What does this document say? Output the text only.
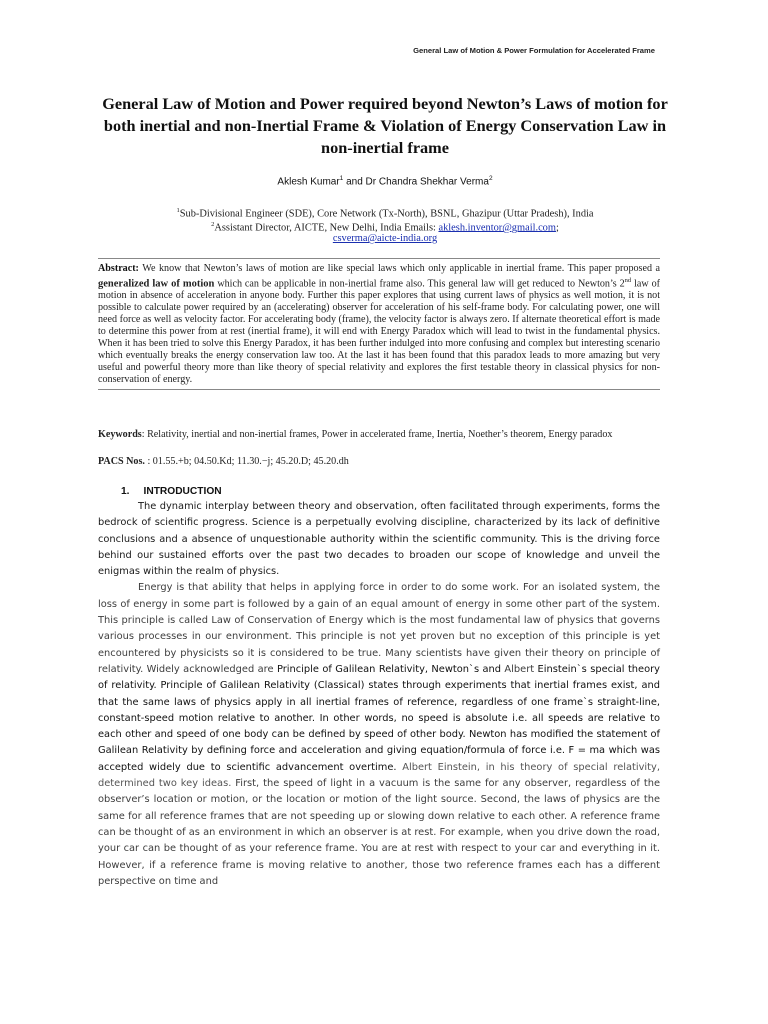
General Law of Motion & Power Formulation for Accelerated Frame
General Law of Motion and Power required beyond Newton’s Laws of motion for both inertial and non-Inertial Frame & Violation of Energy Conservation Law in non-inertial frame
Aklesh Kumar$^1$ and Dr Chandra Shekhar Verma$^2$
$^1$Sub-Divisional Engineer (SDE), Core Network (Tx-North), BSNL, Ghazipur (Uttar Pradesh), India
$^2$Assistant Director, AICTE, New Delhi, India Emails: aklesh.inventor@gmail.com;
csverma@aicte-india.org
Abstract: We know that Newton’s laws of motion are like special laws which only applicable in inertial frame. This paper proposed a generalized law of motion which can be applicable in non-inertial frame also. This general law will get reduced to Newton’s 2nd law of motion in absence of acceleration in anyone body. Further this paper explores that using current laws of physics as well motion, it is not possible to calculate power required by an (accelerating) observer for acceleration of his self-frame body. For calculating power, one will need force as well as velocity factor. For accelerating body (frame), the velocity factor is always zero. If alternate theoretical effort is made to determine this power from at rest (inertial frame), it will end with Energy Paradox which will lead to twist in the fundamental physics. When it has been tried to solve this Energy Paradox, it has been further indulged into more confusing and complex but interesting scenario which eventually breaks the energy conservation law too. At the last it has been found that this paradox leads to more amazing but very useful and powerful theory more than like theory of special relativity and explores the first testable theory in classical physics for non-conservation of energy.
Keywords: Relativity, inertial and non-inertial frames, Power in accelerated frame, Inertia, Noether’s theorem, Energy paradox
PACS Nos. : 01.55.+b; 04.50.Kd; 11.30.−j; 45.20.D; 45.20.dh
1. INTRODUCTION

The dynamic interplay between theory and observation, often facilitated through experiments, forms the bedrock of scientific progress. Science is a perpetually evolving discipline, characterized by its lack of definitive conclusions and a absence of unquestionable authority within the scientific community. This is the driving force behind our sustained efforts over the past two decades to broaden our scope of knowledge and unveil the enigmas within the realm of physics.

Energy is that ability that helps in applying force in order to do some work. For an isolated system, the loss of energy in some part is followed by a gain of an equal amount of energy in some other part of the system. This principle is called Law of Conservation of Energy which is the most fundamental law of physics that governs various processes in our environment. This principle is not yet proven but no exception of this principle is yet encountered by physicists so it is considered to be true. Many scientists have given their theory on principle of relativity. Widely acknowledged are Principle of Galilean Relativity, Newton`s and Albert Einstein`s special theory of relativity. Principle of Galilean Relativity (Classical) states through experiments that inertial frames exist, and that the same laws of physics apply in all inertial frames of reference, regardless of one frame`s straight-line, constant-speed motion relative to another. In other words, no speed is absolute i.e. all speeds are relative to each other and speed of one body can be defined by speed of other body. Newton has modified the statement of Galilean Relativity by defining force and acceleration and giving equation/formula of force i.e. F = ma which was accepted widely due to scientific advancement overtime. Albert Einstein, in his theory of special relativity, determined two key ideas. First, the speed of light in a vacuum is the same for any observer, regardless of the observer’s location or motion, or the location or motion of the light source. Second, the laws of physics are the same for all reference frames that are not speeding up or slowing down relative to each other. A reference frame can be thought of as an environment in which an observer is at rest. For example, when you drive down the road, your car can be thought of as your reference frame. You are at rest with respect to your car and everything in it. However, if a reference frame is moving relative to another, those two reference frames each has a different perspective on time and
